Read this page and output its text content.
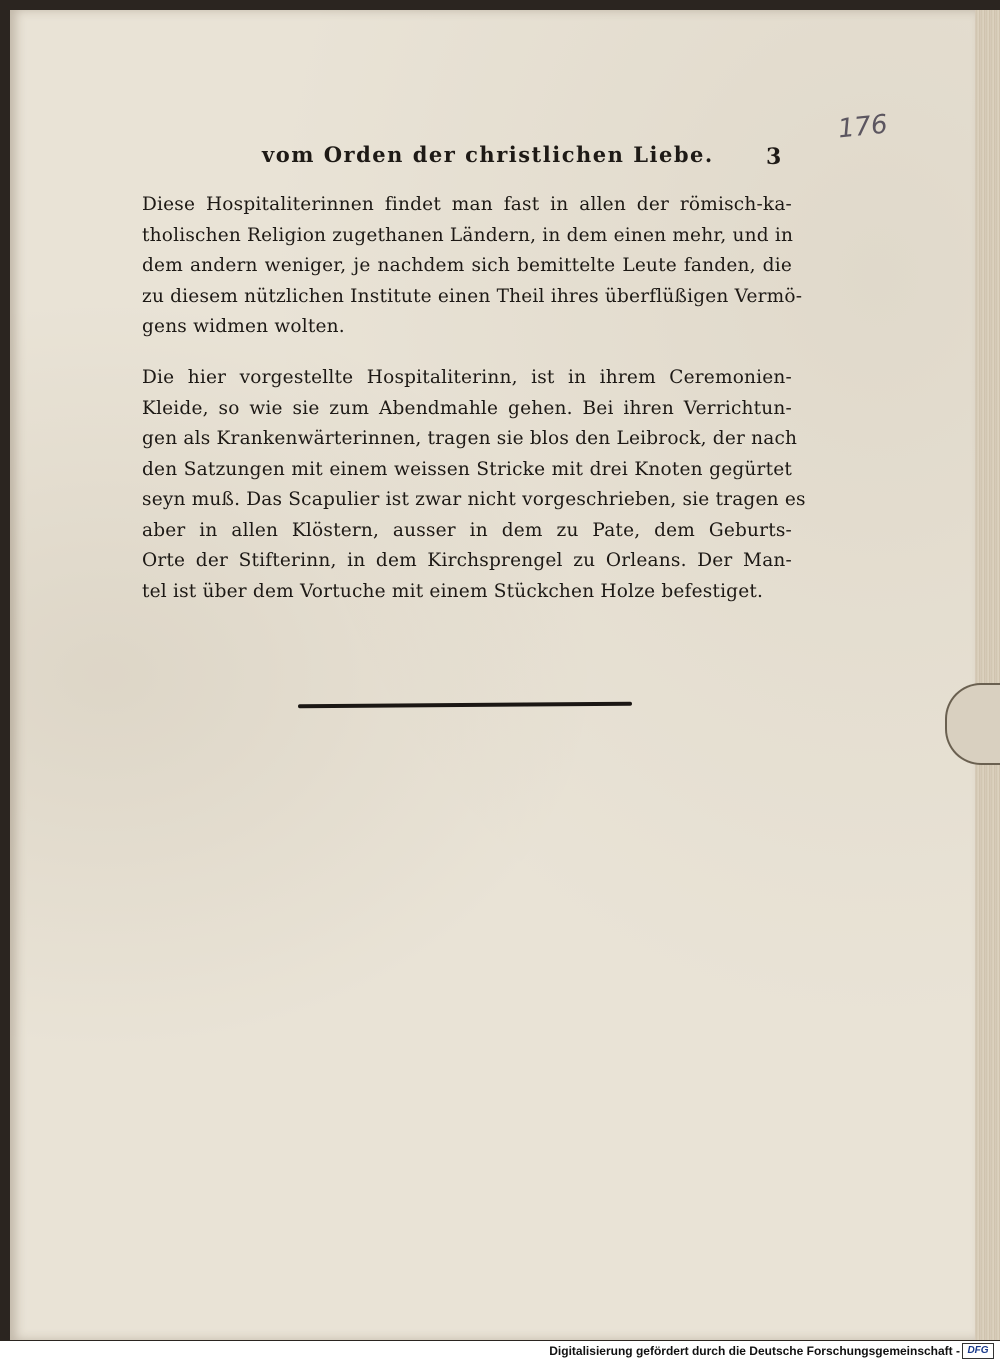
vom Orden der christlichen Liebe. 3
176
Diese Hospitaliterinnen findet man fast in allen der römisch-ka-
tholischen Religion zugethanen Ländern, in dem einen mehr, und in
dem andern weniger, je nachdem sich bemittelte Leute fanden, die
zu diesem nützlichen Institute einen Theil ihres überflüßigen Vermö-
gens widmen wolten.
Die hier vorgestellte Hospitaliterinn, ist in ihrem Ceremonien-
Kleide, so wie sie zum Abendmahle gehen. Bei ihren Verrichtun-
gen als Krankenwärterinnen, tragen sie blos den Leibrock, der nach
den Satzungen mit einem weissen Stricke mit drei Knoten gegürtet
seyn muß. Das Scapulier ist zwar nicht vorgeschrieben, sie tragen es
aber in allen Klöstern, ausser in dem zu Pate, dem Geburts-
Orte der Stifterinn, in dem Kirchsprengel zu Orleans. Der Man-
tel ist über dem Vortuche mit einem Stückchen Holze befestiget.
Digitalisierung gefördert durch die Deutsche Forschungsgemeinschaft - DFG
